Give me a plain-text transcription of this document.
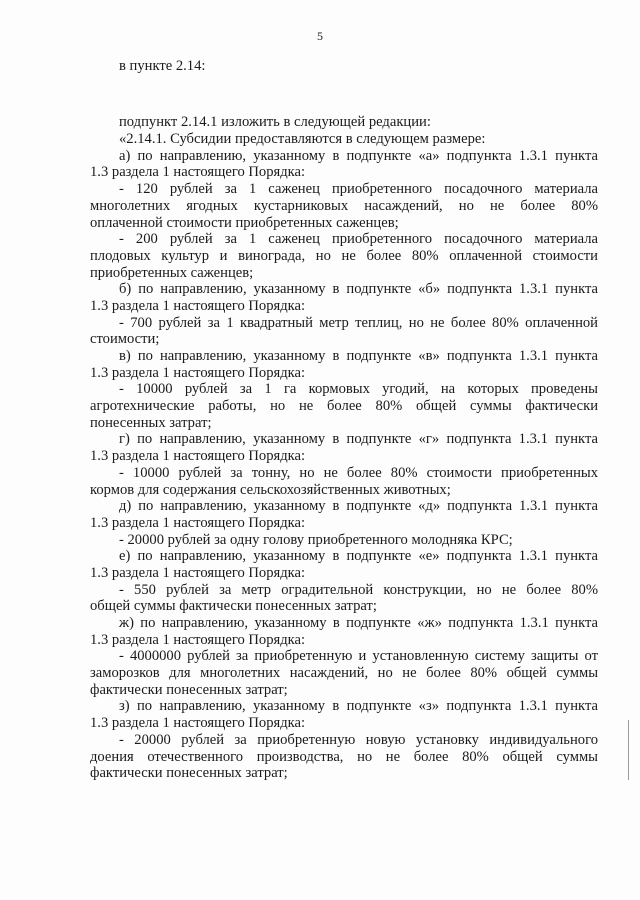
5
в пункте 2.14:
подпункт 2.14.1 изложить в следующей редакции:
«2.14.1. Субсидии предоставляются в следующем размере:
а) по направлению, указанному в подпункте «а» подпункта 1.3.1 пункта
1.3 раздела 1 настоящего Порядка:
- 120 рублей за 1 саженец приобретенного посадочного материала
многолетних ягодных кустарниковых насаждений, но не более 80%
оплаченной стоимости приобретенных саженцев;
- 200 рублей за 1 саженец приобретенного посадочного материала
плодовых культур и винограда, но не более 80% оплаченной стоимости
приобретенных саженцев;
б) по направлению, указанному в подпункте «б» подпункта 1.3.1 пункта
1.3 раздела 1 настоящего Порядка:
- 700 рублей за 1 квадратный метр теплиц, но не более 80% оплаченной
стоимости;
в) по направлению, указанному в подпункте «в» подпункта 1.3.1 пункта
1.3 раздела 1 настоящего Порядка:
- 10000 рублей за 1 га кормовых угодий, на которых проведены
агротехнические работы, но не более 80% общей суммы фактически
понесенных затрат;
г) по направлению, указанному в подпункте «г» подпункта 1.3.1 пункта
1.3 раздела 1 настоящего Порядка:
- 10000 рублей за тонну, но не более 80% стоимости приобретенных
кормов для содержания сельскохозяйственных животных;
д) по направлению, указанному в подпункте «д» подпункта 1.3.1 пункта
1.3 раздела 1 настоящего Порядка:
- 20000 рублей за одну голову приобретенного молодняка КРС;
е) по направлению, указанному в подпункте «е» подпункта 1.3.1 пункта
1.3 раздела 1 настоящего Порядка:
- 550 рублей за метр оградительной конструкции, но не более 80%
общей суммы фактически понесенных затрат;
ж) по направлению, указанному в подпункте «ж» подпункта 1.3.1 пункта
1.3 раздела 1 настоящего Порядка:
- 4000000 рублей за приобретенную и установленную систему защиты от
заморозков для многолетних насаждений, но не более 80% общей суммы
фактически понесенных затрат;
з) по направлению, указанному в подпункте «з» подпункта 1.3.1 пункта
1.3 раздела 1 настоящего Порядка:
- 20000 рублей за приобретенную новую установку индивидуального
доения отечественного производства, но не более 80% общей суммы
фактически понесенных затрат;
